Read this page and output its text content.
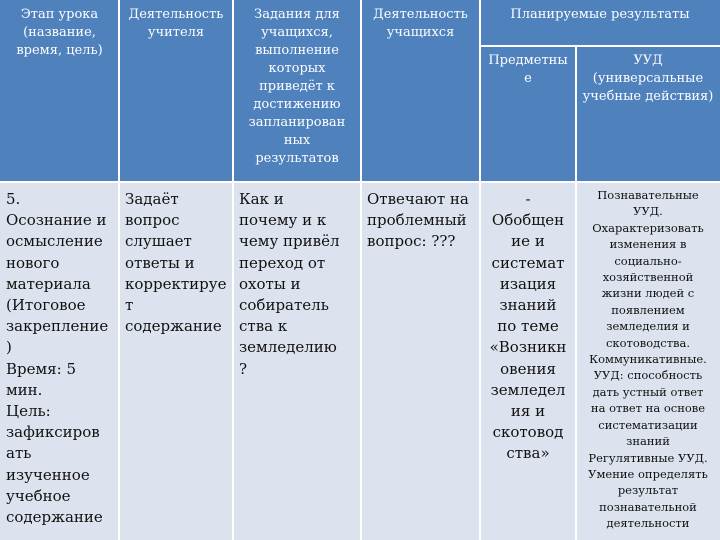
Этап урока
(название,
время, цель)
Деятельность
учителя
Задания для
учащихся,
выполнение
которых
приведёт к
достижению
запланирован
ных
результатов
Деятельность
учащихся
Планируемые результаты
Предметны
е
УУД
(универсальные
учебные действия)
5.
Осознание и
осмысление
нового
материала
(Итоговое
закрепление
)
Время: 5
мин.
Цель:
зафиксиров
ать
изученное
учебное
содержание
Задаёт
вопрос
слушает
ответы и
корректируе
т
содержание
Как и
почему и к
чему привёл
переход от
охоты и
собиратель
ства к
земледелию
?
Отвечают на
проблемный
вопрос: ???
-
Обобщен
ие и
системат
изация
знаний
по теме
«Возникн
овения
земледел
ия и
скотовод
ства»
Познавательные
УУД.
Охарактеризовать
изменения в
социально-
хозяйственной
жизни людей с
появлением
земледелия и
скотоводства.
Коммуникативные.
УУД: способность
дать устный ответ
на ответ на основе
систематизации
знаний
Регулятивные УУД.
Умение определять
результат
познавательной
деятельности
